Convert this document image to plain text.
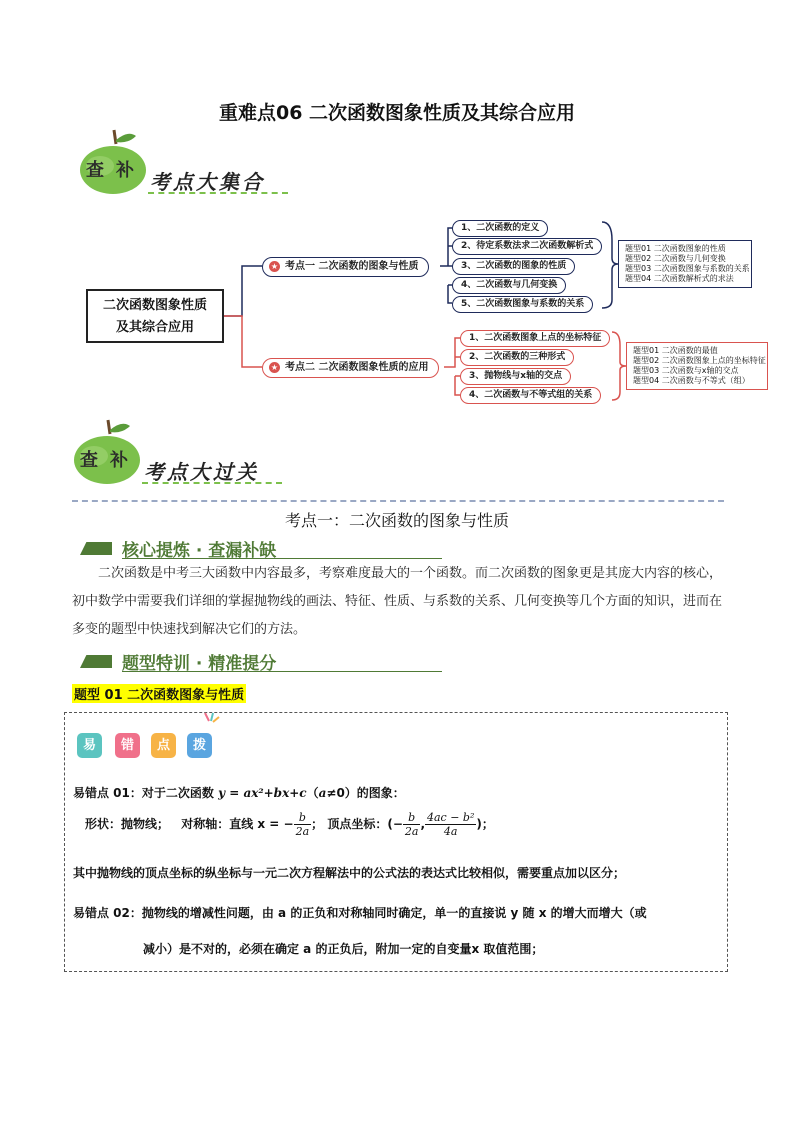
重难点06 二次函数图象性质及其综合应用
查 补 考点大集合
二次函数图象性质
及其综合应用
★ 考点一 二次函数的图象与性质
★ 考点二 二次函数图象性质的应用
1、二次函数的定义
2、待定系数法求二次函数解析式
3、二次函数的图象的性质
4、二次函数与几何变换
5、二次函数图象与系数的关系
1、二次函数图象上点的坐标特征
2、二次函数的三种形式
3、抛物线与x轴的交点
4、二次函数与不等式组的关系
题型01 二次函数图象的性质
题型02 二次函数与几何变换
题型03 二次函数图象与系数的关系
题型04 二次函数解析式的求法
题型01 二次函数的最值
题型02 二次函数图象上点的坐标特征
题型03 二次函数与x轴的交点
题型04 二次函数与不等式（组）
查 补 考点大过关
考点一：二次函数的图象与性质
核心提炼 · 查漏补缺
二次函数是中考三大函数中内容最多，考察难度最大的一个函数。而二次函数的图象更是其庞大内容的核心，初中数学中需要我们详细的掌握抛物线的画法、特征、性质、与系数的关系、几何变换等几个方面的知识，进而在多变的题型中快速找到解决它们的方法。
题型特训 · 精准提分
题型 01 二次函数图象与性质
易	错	点	拨
易错点 01：对于二次函数 y = ax²+bx+c（a≠0）的图象：
形状：抛物线； 对称轴：直线 x = − $\frac{b}{2a}$ ； 顶点坐标：(− $\frac{b}{2a}$ , $\frac{\text{4ac − b²}}{4a}$ )；
其中抛物线的顶点坐标的纵坐标与一元二次方程解法中的公式法的表达式比较相似，需要重点加以区分；
易错点 02：抛物线的增减性问题，由 a 的正负和对称轴同时确定，单一的直接说 y 随 x 的增大而增大（或
减小）是不对的，必须在确定 a 的正负后，附加一定的自变量x 取值范围；
